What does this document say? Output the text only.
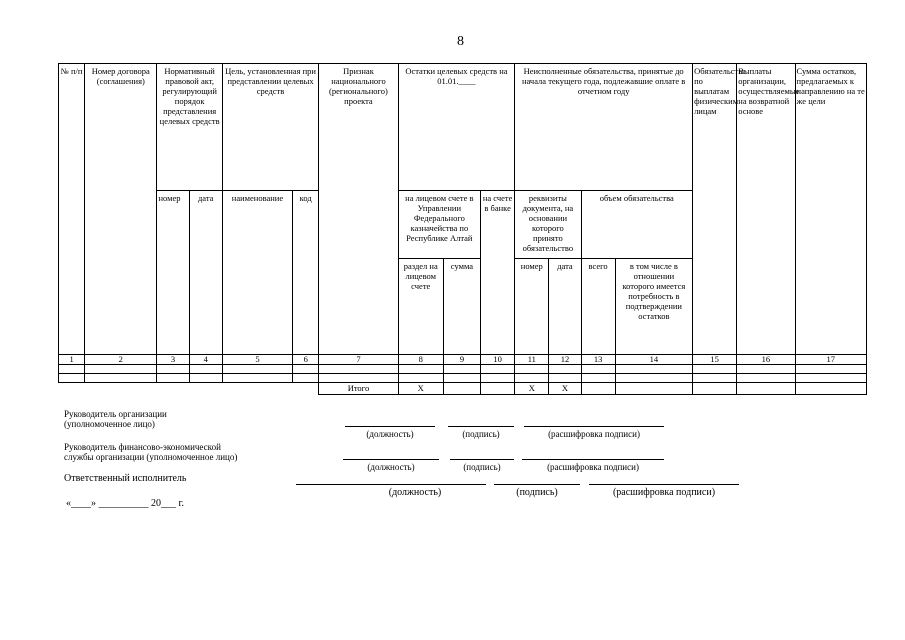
8
№ п/п	Номер договора (соглашения)	Нормативный правовой акт, регулирующий порядок представления целевых средств		Цель, установленная при представлении целевых средств		Признак национального (регионального) проекта	Остатки целевых средств на 01.01.____			Неисполненные обязательства, принятые до начала текущего года, подлежавшие оплате в отчетном году				Обязательства по выплатам физическим лицам	Выплаты организации, осуществляемые на возвратной основе	Сумма остатков, предлагаемых к направлению на те же цели
		номер	дата	наименование	код		на лицевом счете в Управлении Федерального казначейства по Республике Алтай		на счете в банке	реквизиты документа, на основании которого принято обязательство		объем обязательства				
							раздел на лицевом счете	сумма		номер	дата	всего	в том числе в отношении которого имеется потребность в подтверждении остатков			
1	2	3	4	5	6	7	8	9	10	11	12	13	14	15	16	17

						Итого	X			X	X					
Руководитель организации
(уполномоченное лицо)
(должность)	(подпись)	(расшифровка подписи)
Руководитель финансово-экономической
службы организации (уполномоченное лицо)
(должность)	(подпись)	(расшифровка подписи)
Ответственный исполнитель
(должность)	(подпись)	(расшифровка подписи)
«____» __________ 20___ г.
